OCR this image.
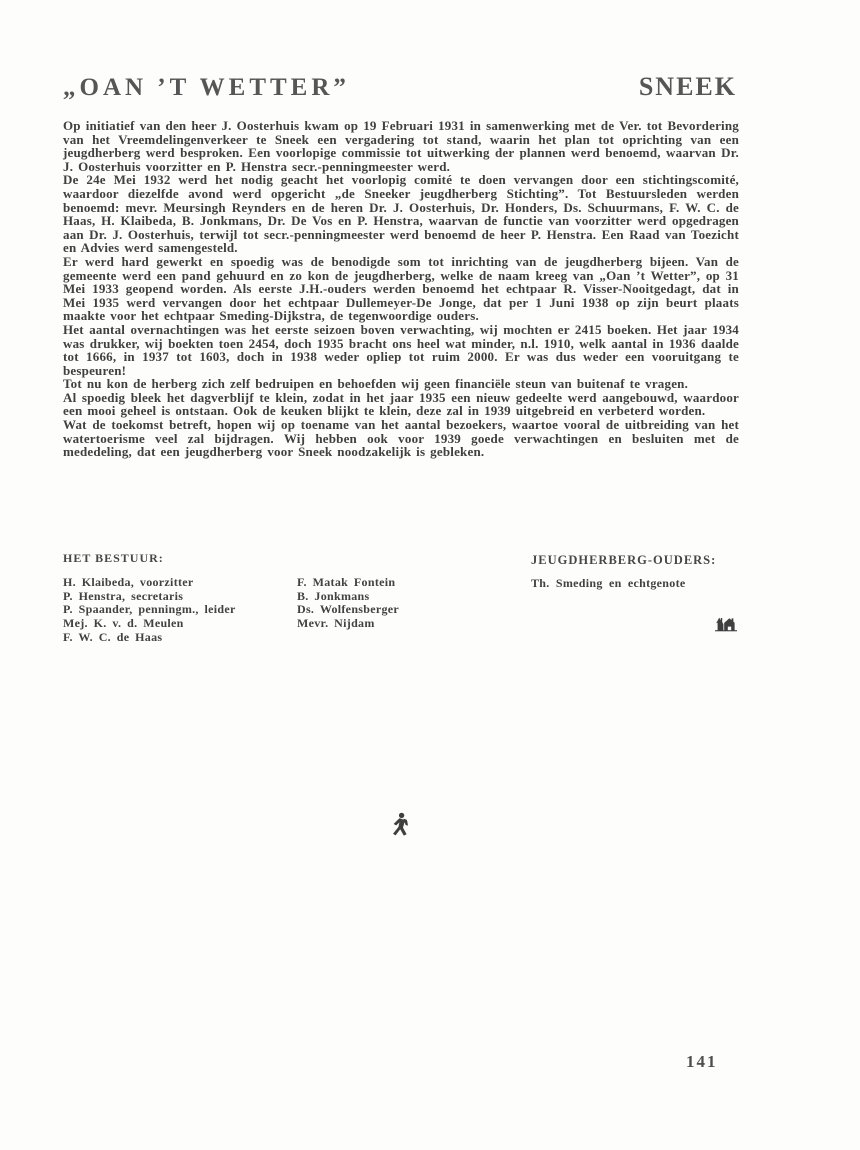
„OAN ’T WETTER”	SNEEK

Op initiatief van den heer J. Oosterhuis kwam op 19 Februari 1931 in samenwerking met de Ver. tot Bevordering van het Vreemdelingenverkeer te Sneek een vergadering tot stand, waarin het plan tot oprichting van een jeugdherberg werd besproken. Een voorlopige commissie tot uitwerking der plannen werd benoemd, waarvan Dr. J. Oosterhuis voorzitter en P. Henstra secr.-penningmeester werd.

De 24e Mei 1932 werd het nodig geacht het voorlopig comité te doen vervangen door een stichtingscomité, waardoor diezelfde avond werd opgericht „de Sneeker jeugdherberg Stichting”. Tot Bestuursleden werden benoemd: mevr. Meursingh Reynders en de heren Dr. J. Oosterhuis, Dr. Honders, Ds. Schuurmans, F. W. C. de Haas, H. Klaibeda, B. Jonkmans, Dr. De Vos en P. Henstra, waarvan de functie van voorzitter werd opgedragen aan Dr. J. Oosterhuis, terwijl tot secr.-penningmeester werd benoemd de heer P. Henstra. Een Raad van Toezicht en Advies werd samengesteld.

Er werd hard gewerkt en spoedig was de benodigde som tot inrichting van de jeugdherberg bijeen. Van de gemeente werd een pand gehuurd en zo kon de jeugdherberg, welke de naam kreeg van „Oan ’t Wetter”, op 31 Mei 1933 geopend worden. Als eerste J.H.-ouders werden benoemd het echtpaar R. Visser-Nooitgedagt, dat in Mei 1935 werd vervangen door het echtpaar Dullemeyer-De Jonge, dat per 1 Juni 1938 op zijn beurt plaats maakte voor het echtpaar Smeding-Dijkstra, de tegenwoordige ouders.

Het aantal overnachtingen was het eerste seizoen boven verwachting, wij mochten er 2415 boeken. Het jaar 1934 was drukker, wij boekten toen 2454, doch 1935 bracht ons heel wat minder, n.l. 1910, welk aantal in 1936 daalde tot 1666, in 1937 tot 1603, doch in 1938 weder opliep tot ruim 2000. Er was dus weder een vooruitgang te bespeuren!

Tot nu kon de herberg zich zelf bedruipen en behoefden wij geen financiële steun van buitenaf te vragen.

Al spoedig bleek het dagverblijf te klein, zodat in het jaar 1935 een nieuw gedeelte werd aangebouwd, waardoor een mooi geheel is ontstaan. Ook de keuken blijkt te klein, deze zal in 1939 uitgebreid en verbeterd worden.

Wat de toekomst betreft, hopen wij op toename van het aantal bezoekers, waartoe vooral de uitbreiding van het watertoerisme veel zal bijdragen. Wij hebben ook voor 1939 goede verwachtingen en besluiten met de mededeling, dat een jeugdherberg voor Sneek noodzakelijk is gebleken.

HET BESTUUR:
H. Klaibeda, voorzitter
P. Henstra, secretaris
P. Spaander, penningm., leider
Mej. K. v. d. Meulen
F. W. C. de Haas
F. Matak Fontein
B. Jonkmans
Ds. Wolfensberger
Mevr. Nijdam
JEUGDHERBERG-OUDERS:
Th. Smeding en echtgenote
141
